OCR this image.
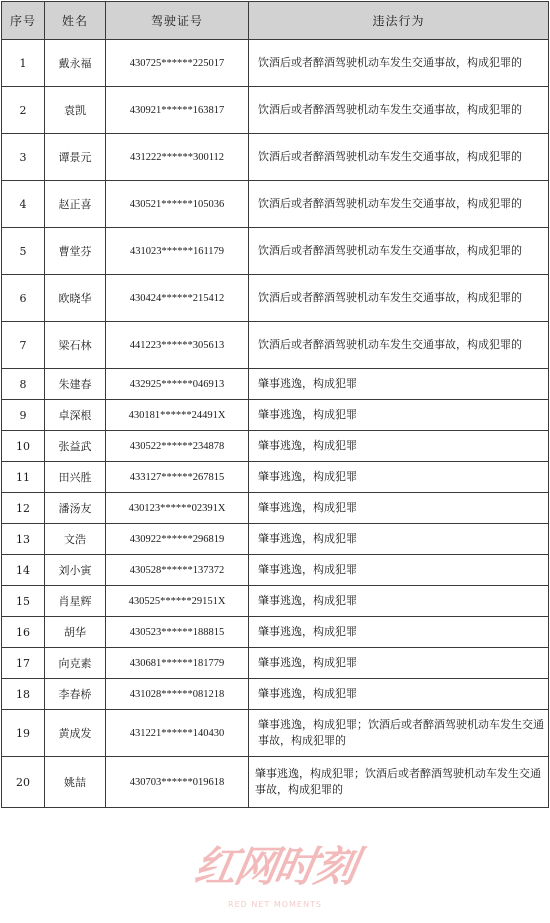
序号	姓名	驾驶证号	违法行为
1	戴永福	430725******225017	饮酒后或者醉酒驾驶机动车发生交通事故，构成犯罪的
2	袁凯	430921******163817	饮酒后或者醉酒驾驶机动车发生交通事故，构成犯罪的
3	谭景元	431222******300112	饮酒后或者醉酒驾驶机动车发生交通事故，构成犯罪的
4	赵正喜	430521******105036	饮酒后或者醉酒驾驶机动车发生交通事故，构成犯罪的
5	曹堂芬	431023******161179	饮酒后或者醉酒驾驶机动车发生交通事故，构成犯罪的
6	欧晓华	430424******215412	饮酒后或者醉酒驾驶机动车发生交通事故，构成犯罪的
7	梁石林	441223******305613	饮酒后或者醉酒驾驶机动车发生交通事故，构成犯罪的
8	朱建春	432925******046913	肇事逃逸，构成犯罪
9	卓深根	430181******24491X	肇事逃逸，构成犯罪
10	张益武	430522******234878	肇事逃逸，构成犯罪
11	田兴胜	433127******267815	肇事逃逸，构成犯罪
12	潘汤友	430123******02391X	肇事逃逸，构成犯罪
13	文浩	430922******296819	肇事逃逸，构成犯罪
14	刘小寅	430528******137372	肇事逃逸，构成犯罪
15	肖星辉	430525******29151X	肇事逃逸，构成犯罪
16	胡华	430523******188815	肇事逃逸，构成犯罪
17	向克素	430681******181779	肇事逃逸，构成犯罪
18	李春桥	431028******081218	肇事逃逸，构成犯罪
19	黄成发	431221******140430	肇事逃逸，构成犯罪；饮酒后或者醉酒驾驶机动车发生交通事故，构成犯罪的
20	姚喆	430703******019618	肇事逃逸，构成犯罪；饮酒后或者醉酒驾驶机动车发生交通事故，构成犯罪的
红网时刻
RED NET MOMENTS
